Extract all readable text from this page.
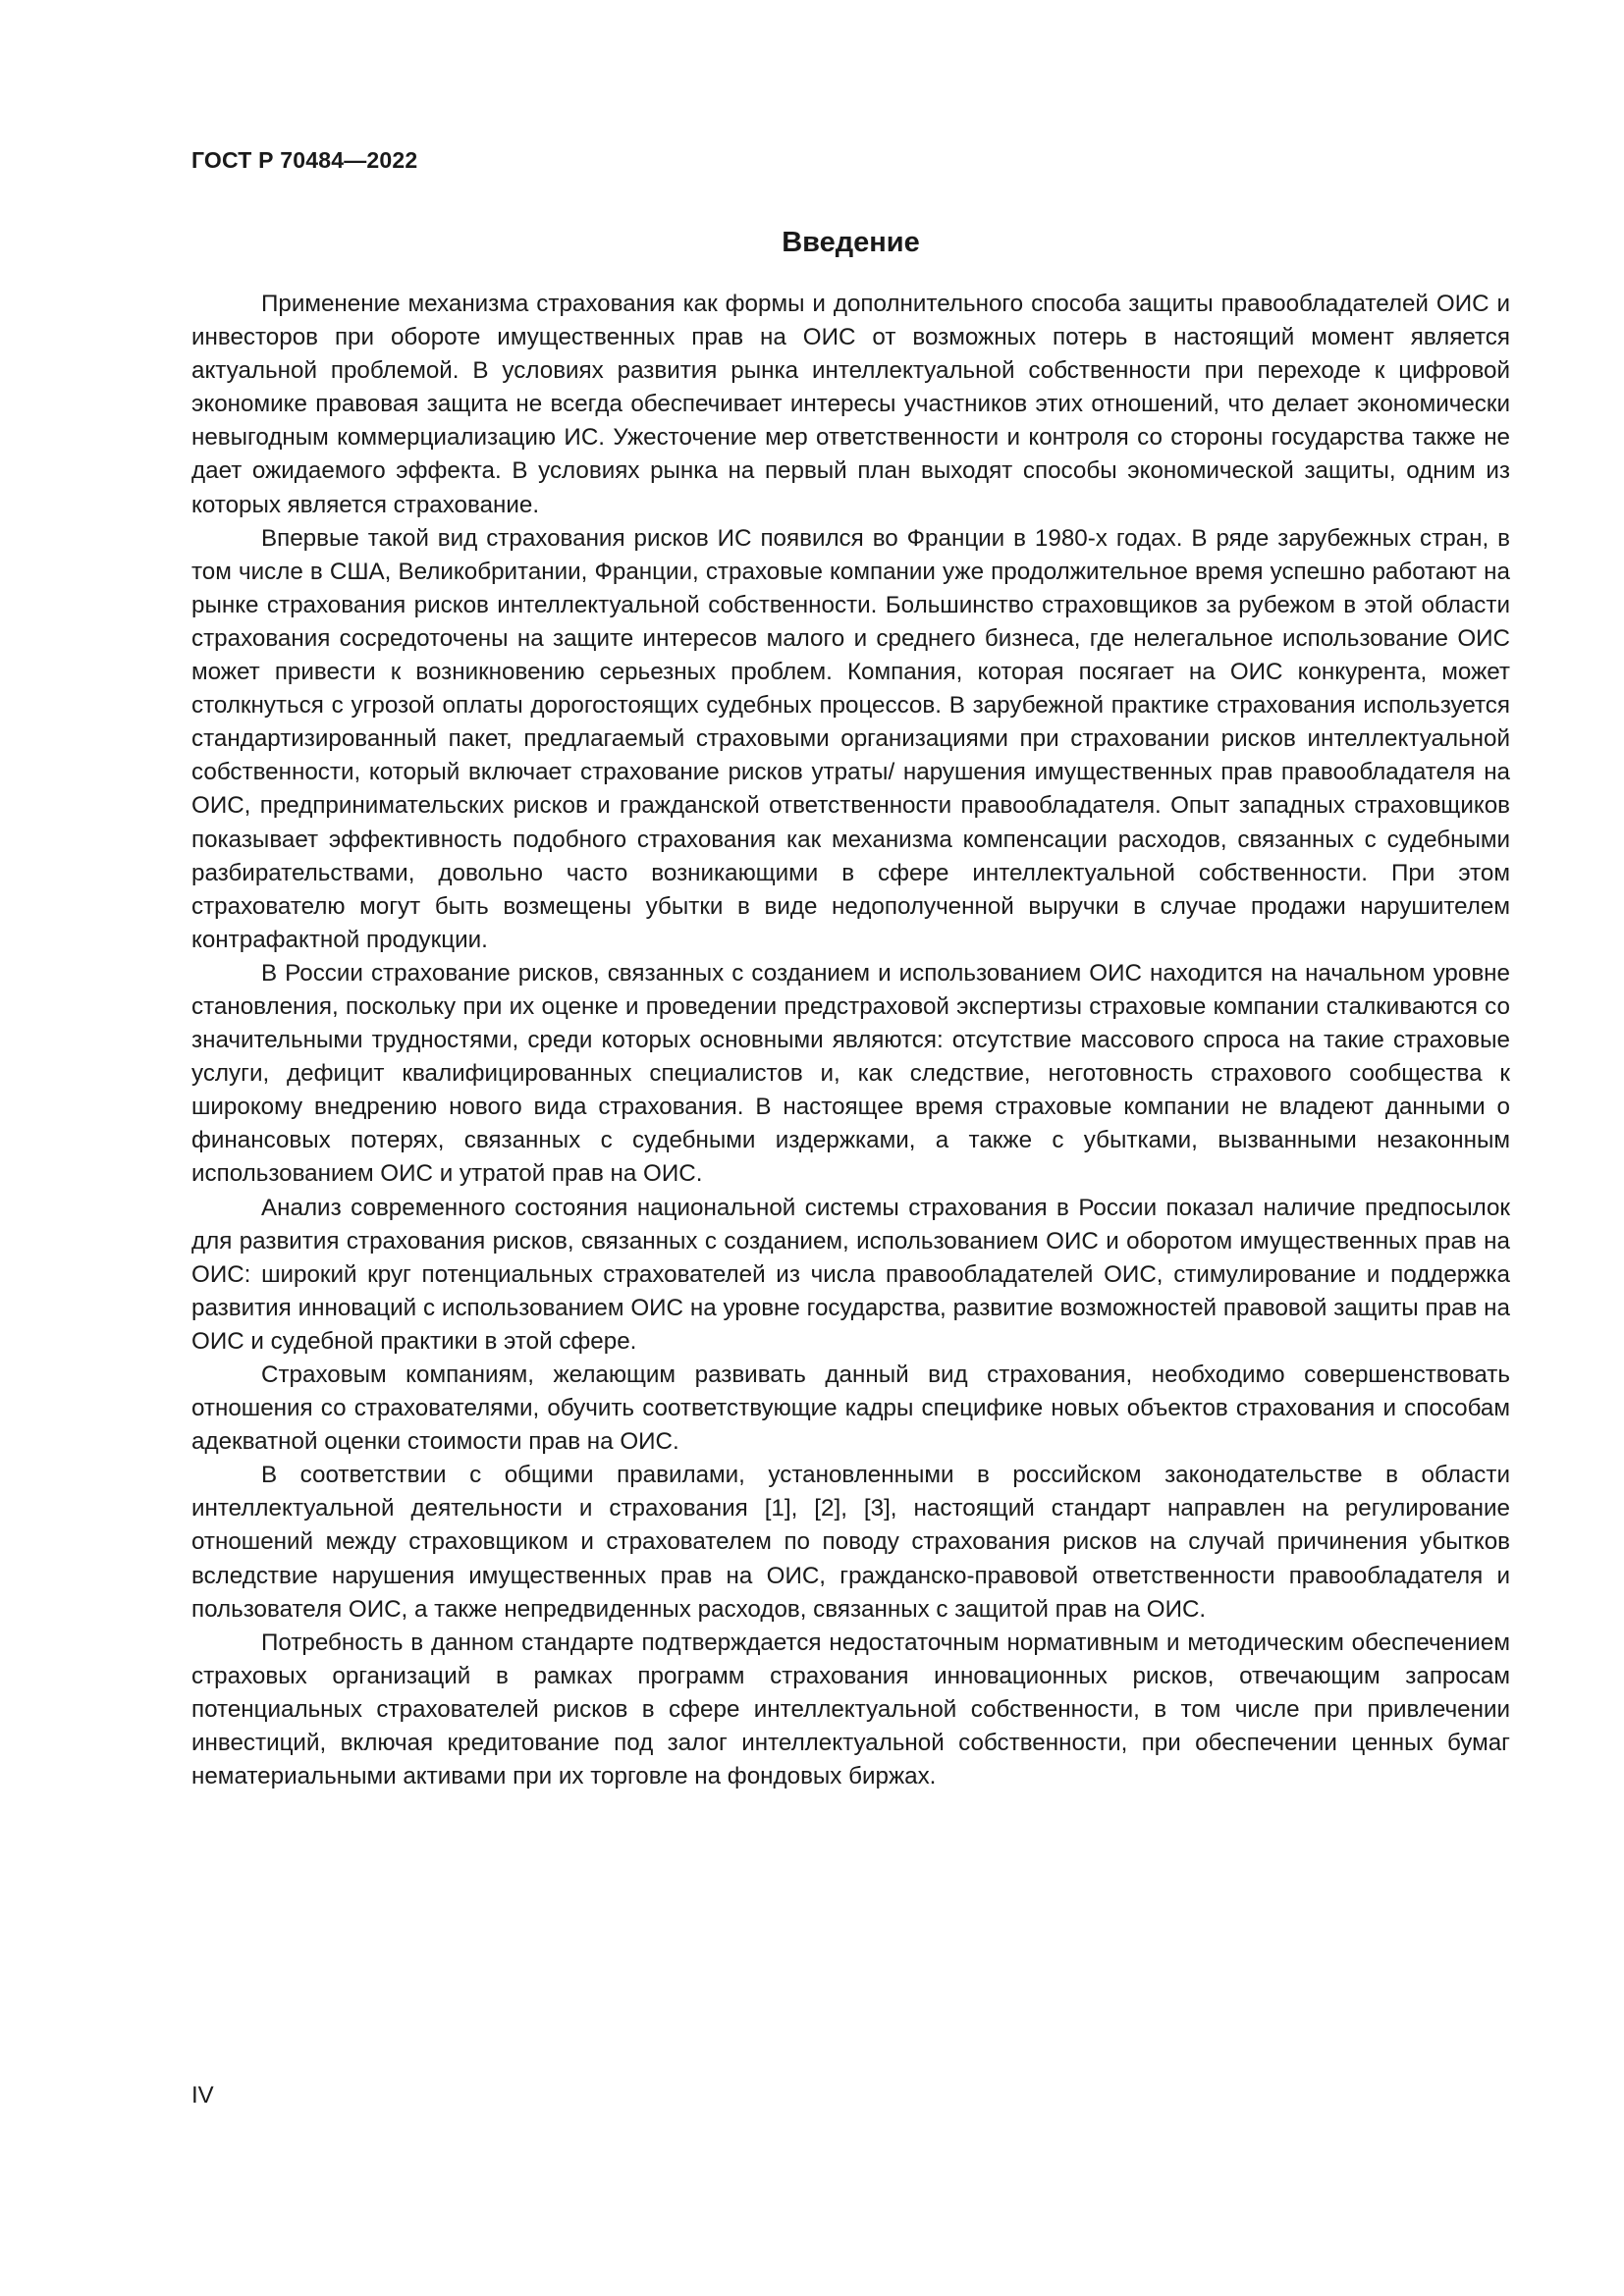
ГОСТ Р 70484—2022
Введение

Применение механизма страхования как формы и дополнительного способа защиты правообладателей ОИС и инвесторов при обороте имущественных прав на ОИС от возможных потерь в настоящий момент является актуальной проблемой. В условиях развития рынка интеллектуальной собственности при переходе к цифровой экономике правовая защита не всегда обеспечивает интересы участников этих отношений, что делает экономически невыгодным коммерциализацию ИС. Ужесточение мер ответственности и контроля со стороны государства также не дает ожидаемого эффекта. В условиях рынка на первый план выходят способы экономической защиты, одним из которых является страхование.

Впервые такой вид страхования рисков ИС появился во Франции в 1980-х годах. В ряде зарубежных стран, в том числе в США, Великобритании, Франции, страховые компании уже продолжительное время успешно работают на рынке страхования рисков интеллектуальной собственности. Большинство страховщиков за рубежом в этой области страхования сосредоточены на защите интересов малого и среднего бизнеса, где нелегальное использование ОИС может привести к возникновению серьезных проблем. Компания, которая посягает на ОИС конкурента, может столкнуться с угрозой оплаты дорогостоящих судебных процессов. В зарубежной практике страхования используется стандартизированный пакет, предлагаемый страховыми организациями при страховании рисков интеллектуальной собственности, который включает страхование рисков утраты/ нарушения имущественных прав правообладателя на ОИС, предпринимательских рисков и гражданской ответственности правообладателя. Опыт западных страховщиков показывает эффективность подобного страхования как механизма компенсации расходов, связанных с судебными разбирательствами, довольно часто возникающими в сфере интеллектуальной собственности. При этом страхователю могут быть возмещены убытки в виде недополученной выручки в случае продажи нарушителем контрафактной продукции.

В России страхование рисков, связанных с созданием и использованием ОИС находится на начальном уровне становления, поскольку при их оценке и проведении предстраховой экспертизы страховые компании сталкиваются со значительными трудностями, среди которых основными являются: отсутствие массового спроса на такие страховые услуги, дефицит квалифицированных специалистов и, как следствие, неготовность страхового сообщества к широкому внедрению нового вида страхования. В настоящее время страховые компании не владеют данными о финансовых потерях, связанных с судебными издержками, а также с убытками, вызванными незаконным использованием ОИС и утратой прав на ОИС.

Анализ современного состояния национальной системы страхования в России показал наличие предпосылок для развития страхования рисков, связанных с созданием, использованием ОИС и оборотом имущественных прав на ОИС: широкий круг потенциальных страхователей из числа правообладателей ОИС, стимулирование и поддержка развития инноваций с использованием ОИС на уровне государства, развитие возможностей правовой защиты прав на ОИС и судебной практики в этой сфере.

Страховым компаниям, желающим развивать данный вид страхования, необходимо совершенствовать отношения со страхователями, обучить соответствующие кадры специфике новых объектов страхования и способам адекватной оценки стоимости прав на ОИС.

В соответствии с общими правилами, установленными в российском законодательстве в области интеллектуальной деятельности и страхования [1], [2], [3], настоящий стандарт направлен на регулирование отношений между страховщиком и страхователем по поводу страхования рисков на случай причинения убытков вследствие нарушения имущественных прав на ОИС, гражданско-правовой ответственности правообладателя и пользователя ОИС, а также непредвиденных расходов, связанных с защитой прав на ОИС.

Потребность в данном стандарте подтверждается недостаточным нормативным и методическим обеспечением страховых организаций в рамках программ страхования инновационных рисков, отвечающим запросам потенциальных страхователей рисков в сфере интеллектуальной собственности, в том числе при привлечении инвестиций, включая кредитование под залог интеллектуальной собственности, при обеспечении ценных бумаг нематериальными активами при их торговле на фондовых биржах.

IV
